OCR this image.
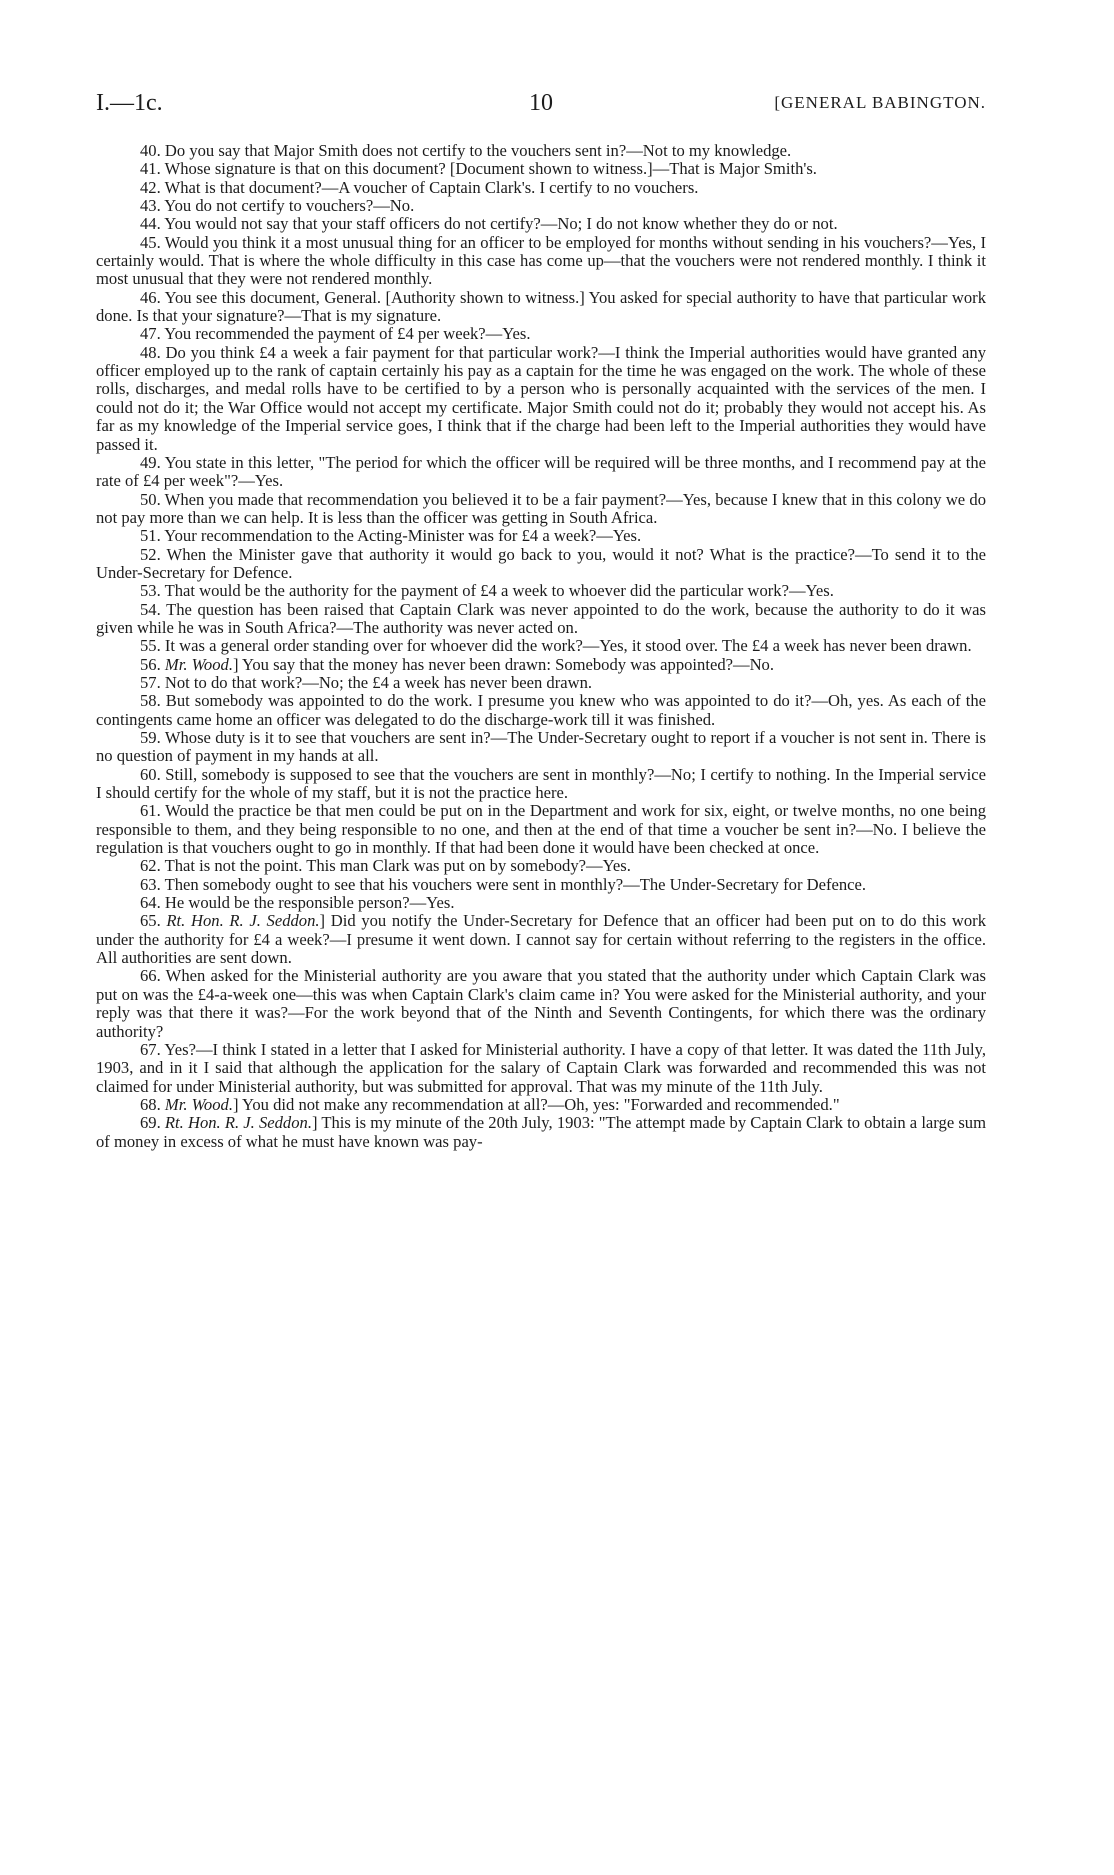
I.—1c.	10	[GENERAL BABINGTON.

40. Do you say that Major Smith does not certify to the vouchers sent in?—Not to my knowledge.

41. Whose signature is that on this document? [Document shown to witness.]—That is Major Smith's.

42. What is that document?—A voucher of Captain Clark's. I certify to no vouchers.

43. You do not certify to vouchers?—No.

44. You would not say that your staff officers do not certify?—No; I do not know whether they do or not.

45. Would you think it a most unusual thing for an officer to be employed for months without sending in his vouchers?—Yes, I certainly would. That is where the whole difficulty in this case has come up—that the vouchers were not rendered monthly. I think it most unusual that they were not rendered monthly.

46. You see this document, General. [Authority shown to witness.] You asked for special authority to have that particular work done. Is that your signature?—That is my signature.

47. You recommended the payment of £4 per week?—Yes.

48. Do you think £4 a week a fair payment for that particular work?—I think the Imperial authorities would have granted any officer employed up to the rank of captain certainly his pay as a captain for the time he was engaged on the work. The whole of these rolls, discharges, and medal rolls have to be certified to by a person who is personally acquainted with the services of the men. I could not do it; the War Office would not accept my certificate. Major Smith could not do it; probably they would not accept his. As far as my knowledge of the Imperial service goes, I think that if the charge had been left to the Imperial authorities they would have passed it.

49. You state in this letter, "The period for which the officer will be required will be three months, and I recommend pay at the rate of £4 per week"?—Yes.

50. When you made that recommendation you believed it to be a fair payment?—Yes, because I knew that in this colony we do not pay more than we can help. It is less than the officer was getting in South Africa.

51. Your recommendation to the Acting-Minister was for £4 a week?—Yes.

52. When the Minister gave that authority it would go back to you, would it not? What is the practice?—To send it to the Under-Secretary for Defence.

53. That would be the authority for the payment of £4 a week to whoever did the particular work?—Yes.

54. The question has been raised that Captain Clark was never appointed to do the work, because the authority to do it was given while he was in South Africa?—The authority was never acted on.

55. It was a general order standing over for whoever did the work?—Yes, it stood over. The £4 a week has never been drawn.

56. Mr. Wood.] You say that the money has never been drawn: Somebody was appointed?—No.

57. Not to do that work?—No; the £4 a week has never been drawn.

58. But somebody was appointed to do the work. I presume you knew who was appointed to do it?—Oh, yes. As each of the contingents came home an officer was delegated to do the discharge-work till it was finished.

59. Whose duty is it to see that vouchers are sent in?—The Under-Secretary ought to report if a voucher is not sent in. There is no question of payment in my hands at all.

60. Still, somebody is supposed to see that the vouchers are sent in monthly?—No; I certify to nothing. In the Imperial service I should certify for the whole of my staff, but it is not the practice here.

61. Would the practice be that men could be put on in the Department and work for six, eight, or twelve months, no one being responsible to them, and they being responsible to no one, and then at the end of that time a voucher be sent in?—No. I believe the regulation is that vouchers ought to go in monthly. If that had been done it would have been checked at once.

62. That is not the point. This man Clark was put on by somebody?—Yes.

63. Then somebody ought to see that his vouchers were sent in monthly?—The Under-Secretary for Defence.

64. He would be the responsible person?—Yes.

65. Rt. Hon. R. J. Seddon.] Did you notify the Under-Secretary for Defence that an officer had been put on to do this work under the authority for £4 a week?—I presume it went down. I cannot say for certain without referring to the registers in the office. All authorities are sent down.

66. When asked for the Ministerial authority are you aware that you stated that the authority under which Captain Clark was put on was the £4-a-week one—this was when Captain Clark's claim came in? You were asked for the Ministerial authority, and your reply was that there it was?—For the work beyond that of the Ninth and Seventh Contingents, for which there was the ordinary authority?

67. Yes?—I think I stated in a letter that I asked for Ministerial authority. I have a copy of that letter. It was dated the 11th July, 1903, and in it I said that although the application for the salary of Captain Clark was forwarded and recommended this was not claimed for under Ministerial authority, but was submitted for approval. That was my minute of the 11th July.

68. Mr. Wood.] You did not make any recommendation at all?—Oh, yes: "Forwarded and recommended."

69. Rt. Hon. R. J. Seddon.] This is my minute of the 20th July, 1903: "The attempt made by Captain Clark to obtain a large sum of money in excess of what he must have known was pay-
